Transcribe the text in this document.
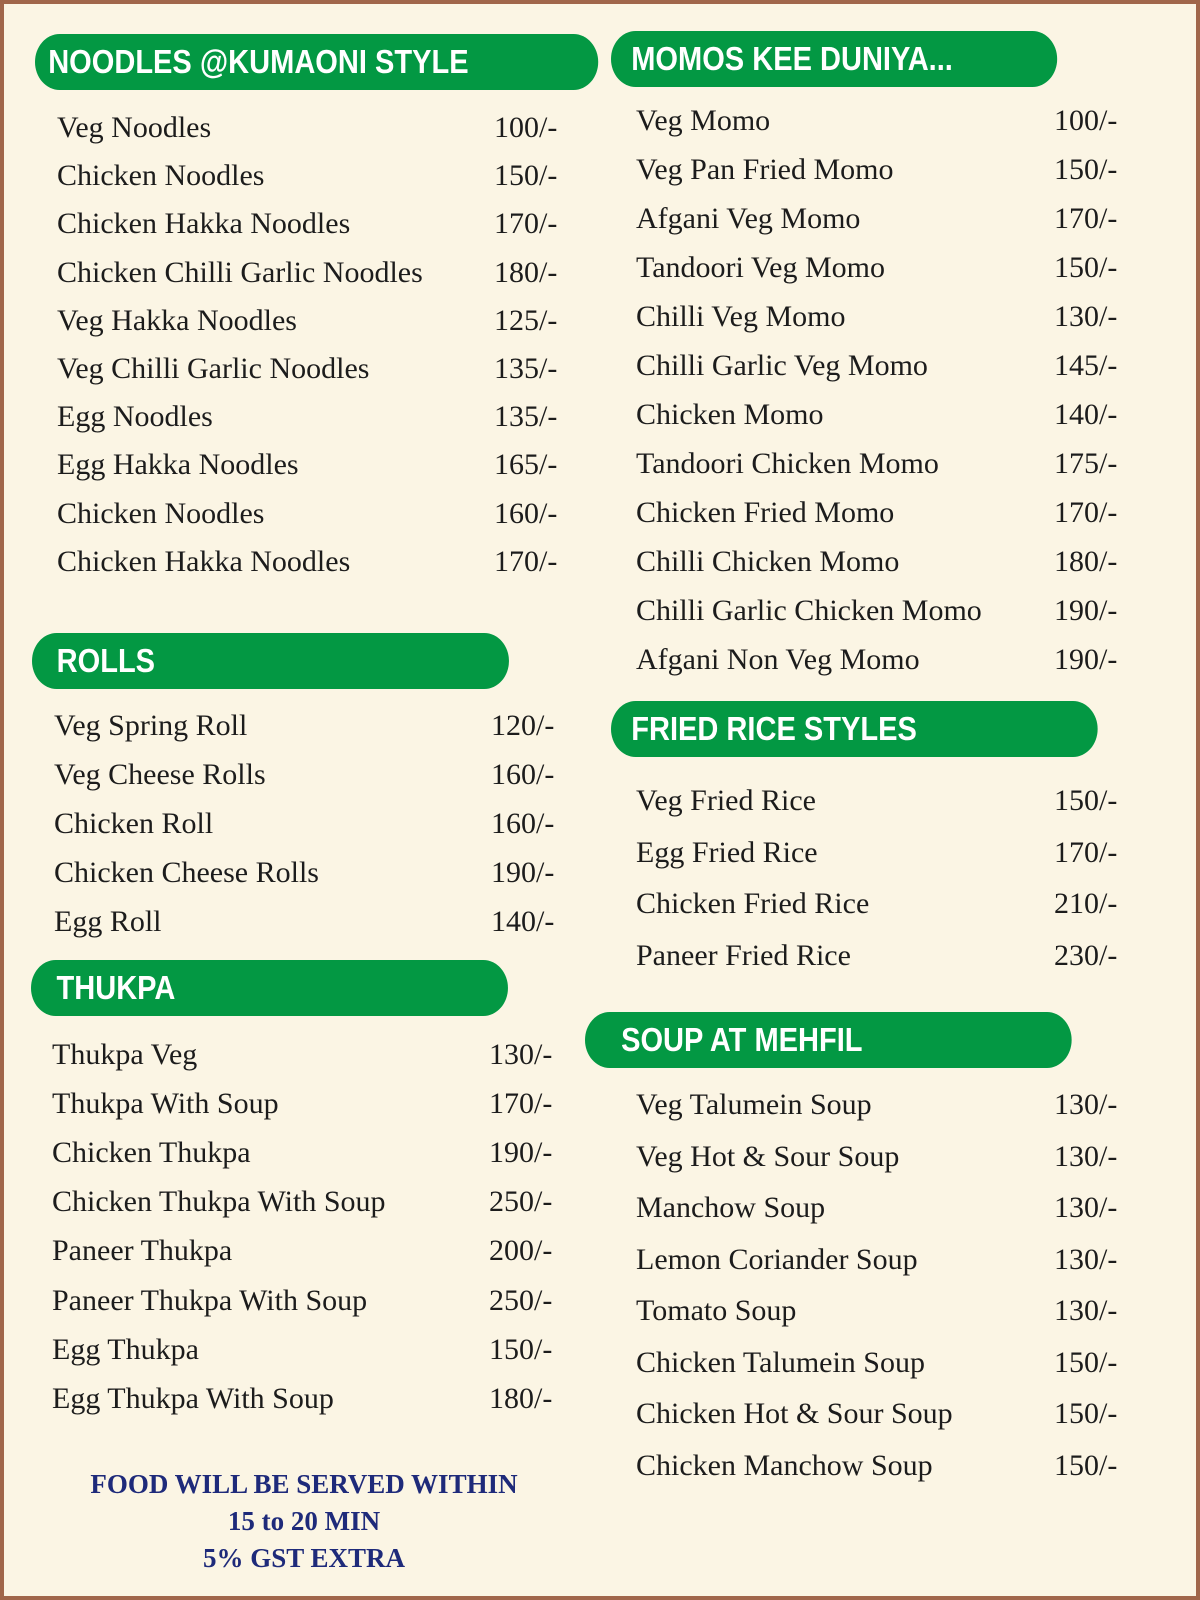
NOODLES @KUMAONI STYLE
Veg Noodles	100/-
Chicken Noodles	150/-
Chicken Hakka Noodles	170/-
Chicken Chilli Garlic Noodles 180/-
Veg Hakka Noodles	125/-
Veg Chilli Garlic Noodles	135/-
Egg Noodles	135/-
Egg Hakka Noodles	165/-
Chicken Noodles	160/-
Chicken Hakka Noodles	170/-
ROLLS
Veg Spring Roll	120/-
Veg Cheese Rolls	160/-
Chicken Roll	160/-
Chicken Cheese Rolls	190/-
Egg Roll	140/-
THUKPA
Thukpa Veg	130/-
Thukpa With Soup	170/-
Chicken Thukpa	190/-
Chicken Thukpa With Soup	250/-
Paneer Thukpa	200/-
Paneer Thukpa With Soup	250/-
Egg Thukpa	150/-
Egg Thukpa With Soup	180/-
MOMOS KEE DUNIYA...
Veg Momo	100/-
Veg Pan Fried Momo	150/-
Afgani Veg Momo	170/-
Tandoori Veg Momo	150/-
Chilli Veg Momo	130/-
Chilli Garlic Veg Momo	145/-
Chicken Momo	140/-
Tandoori Chicken Momo	175/-
Chicken Fried Momo	170/-
Chilli Chicken Momo	180/-
Chilli Garlic Chicken Momo 190/-
Afgani Non Veg Momo	190/-
FRIED RICE STYLES
Veg Fried Rice	150/-
Egg Fried Rice	170/-
Chicken Fried Rice	210/-
Paneer Fried Rice	230/-
SOUP AT MEHFIL
Veg Talumein Soup	130/-
Veg Hot & Sour Soup	130/-
Manchow Soup	130/-
Lemon Coriander Soup	130/-
Tomato Soup	130/-
Chicken Talumein Soup	150/-
Chicken Hot & Sour Soup	150/-
Chicken Manchow Soup	150/-
FOOD WILL BE SERVED WITHIN
15 to 20 MIN
5% GST EXTRA
